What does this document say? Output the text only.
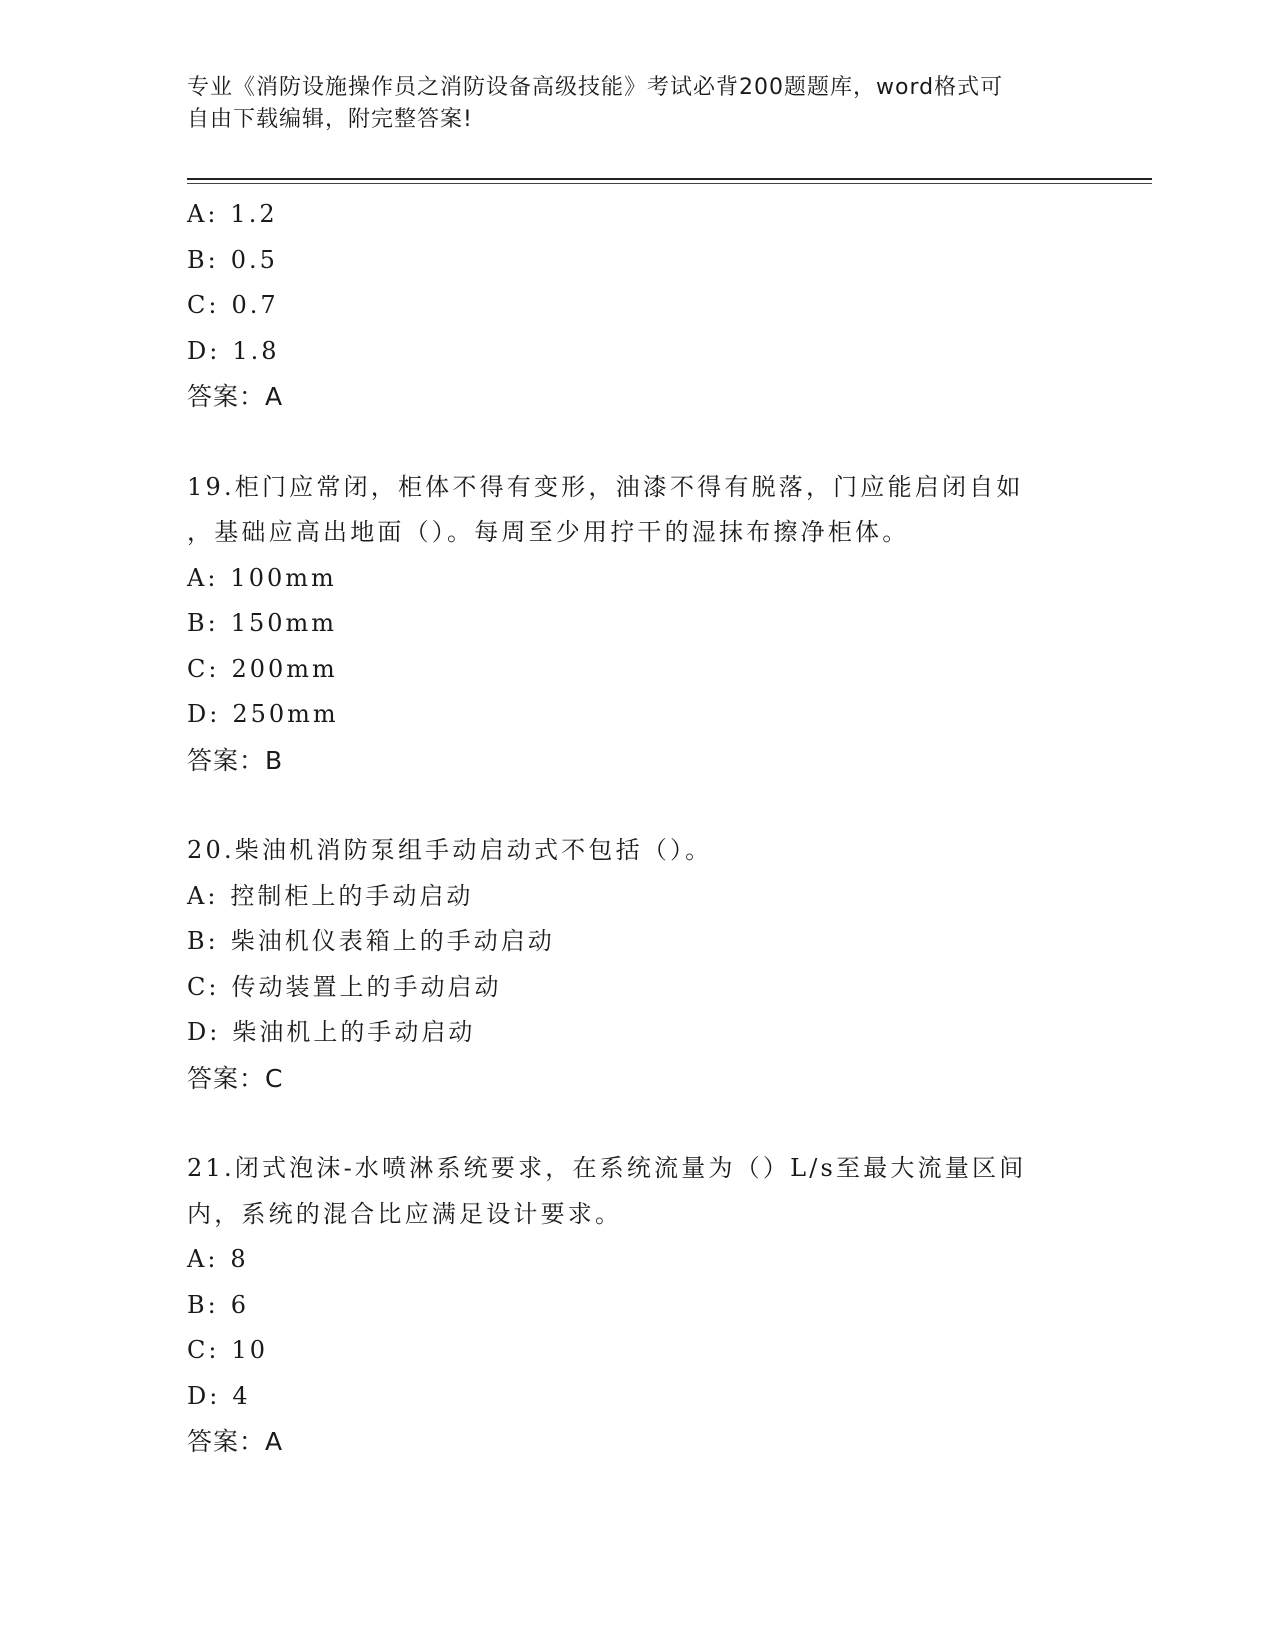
专业《消防设施操作员之消防设备高级技能》考试必背200题题库，word格式可
自由下载编辑，附完整答案!
A: 1.2
B: 0.5
C: 0.7
D: 1.8
答案：A
19.柜门应常闭，柜体不得有变形，油漆不得有脱落，门应能启闭自如
，基础应高出地面（）。每周至少用拧干的湿抹布擦净柜体。
A: 100mm
B: 150mm
C: 200mm
D: 250mm
答案：B
20.柴油机消防泵组手动启动式不包括（）。
A: 控制柜上的手动启动
B: 柴油机仪表箱上的手动启动
C: 传动装置上的手动启动
D: 柴油机上的手动启动
答案：C
21.闭式泡沫-水喷淋系统要求，在系统流量为（）L/s至最大流量区间
内，系统的混合比应满足设计要求。
A: 8
B: 6
C: 10
D: 4
答案：A
